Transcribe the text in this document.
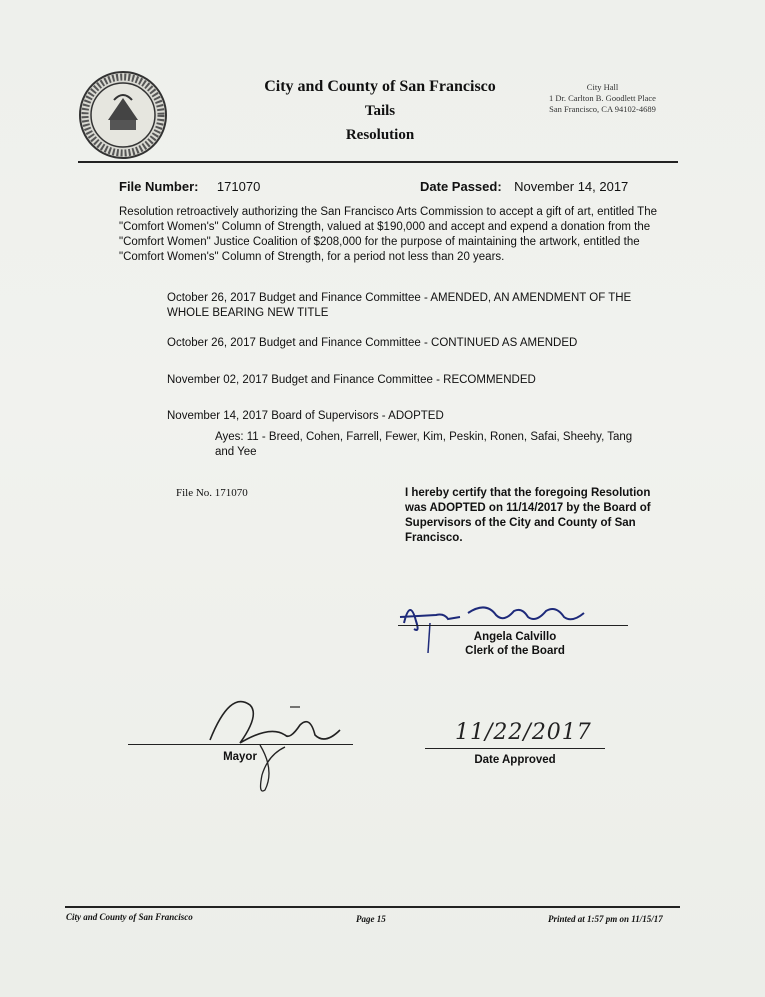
City and County of San Francisco
Tails
Resolution
City Hall
1 Dr. Carlton B. Goodlett Place
San Francisco, CA 94102-4689
File Number: 171070	Date Passed: November 14, 2017
Resolution retroactively authorizing the San Francisco Arts Commission to accept a gift of art, entitled The "Comfort Women's" Column of Strength, valued at $190,000 and accept and expend a donation from the "Comfort Women" Justice Coalition of $208,000 for the purpose of maintaining the artwork, entitled the "Comfort Women's" Column of Strength, for a period not less than 20 years.
October 26, 2017 Budget and Finance Committee - AMENDED, AN AMENDMENT OF THE WHOLE BEARING NEW TITLE
October 26, 2017 Budget and Finance Committee - CONTINUED AS AMENDED
November 02, 2017 Budget and Finance Committee - RECOMMENDED
November 14, 2017 Board of Supervisors - ADOPTED
Ayes: 11 - Breed, Cohen, Farrell, Fewer, Kim, Peskin, Ronen, Safai, Sheehy, Tang and Yee
File No. 171070	I hereby certify that the foregoing Resolution was ADOPTED on 11/14/2017 by the Board of Supervisors of the City and County of San Francisco.
Angela Calvillo
Clerk of the Board
Mayor
11/22/2017
Date Approved
City and County of San Francisco	Page 15	Printed at 1:57 pm on 11/15/17
